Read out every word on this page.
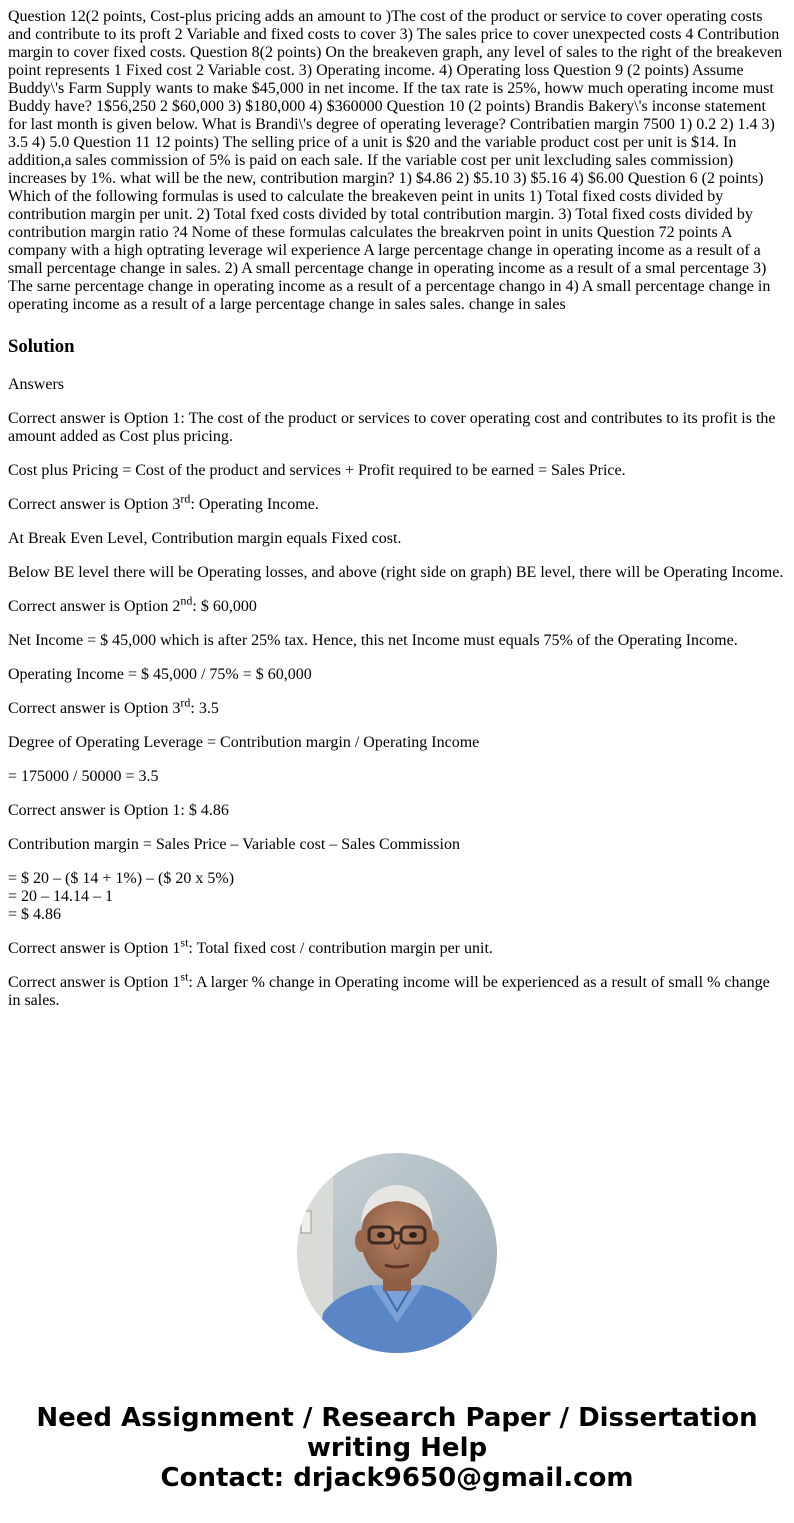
Question 12(2 points, Cost-plus pricing adds an amount to )The cost of the product or service to cover operating costs and contribute to its proft 2 Variable and fixed costs to cover 3) The sales price to cover unexpected costs 4 Contribution margin to cover fixed costs. Question 8(2 points) On the breakeven graph, any level of sales to the right of the breakeven point represents 1 Fixed cost 2 Variable cost. 3) Operating income. 4) Operating loss Question 9 (2 points) Assume Buddy\'s Farm Supply wants to make $45,000 in net income. If the tax rate is 25%, howw much operating income must Buddy have? 1$56,250 2 $60,000 3) $180,000 4) $360000 Question 10 (2 points) Brandis Bakery\'s inconse statement for last month is given below. What is Brandi\'s degree of operating leverage? Contribatien margin 7500 1) 0.2 2) 1.4 3) 3.5 4) 5.0 Question 11 12 points) The selling price of a unit is $20 and the variable product cost per unit is $14. In addition,a sales commission of 5% is paid on each sale. If the variable cost per unit lexcluding sales commission) increases by 1%. what will be the new, contribution margin? 1) $4.86 2) $5.10 3) $5.16 4) $6.00 Question 6 (2 points) Which of the following formulas is used to calculate the breakeven peint in units 1) Total fixed costs divided by contribution margin per unit. 2) Total fxed costs divided by total contribution margin. 3) Total fixed costs divided by contribution margin ratio ?4 Nome of these formulas calculates the breakrven point in units Question 72 points A company with a high optrating leverage wil experience A large percentage change in operating income as a result of a small percentage change in sales. 2) A small percentage change in operating income as a result of a smal percentage 3) The sarne percentage change in operating income as a result of a percentage chango in 4) A small percentage change in operating income as a result of a large percentage change in sales sales. change in sales
Solution

Answers

Correct answer is Option 1: The cost of the product or services to cover operating cost and contributes to its profit is the amount added as Cost plus pricing.

Cost plus Pricing = Cost of the product and services + Profit required to be earned = Sales Price.

Correct answer is Option 3rd: Operating Income.

At Break Even Level, Contribution margin equals Fixed cost.

Below BE level there will be Operating losses, and above (right side on graph) BE level, there will be Operating Income.

Correct answer is Option 2nd: $ 60,000

Net Income = $ 45,000 which is after 25% tax. Hence, this net Income must equals 75% of the Operating Income.

Operating Income = $ 45,000 / 75% = $ 60,000

Correct answer is Option 3rd: 3.5

Degree of Operating Leverage = Contribution margin / Operating Income

= 175000 / 50000 = 3.5

Correct answer is Option 1: $ 4.86

Contribution margin = Sales Price – Variable cost – Sales Commission

= $ 20 – ($ 14 + 1%) – ($ 20 x 5%)
= 20 – 14.14 – 1
= $ 4.86

Correct answer is Option 1st: Total fixed cost / contribution margin per unit.

Correct answer is Option 1st: A larger % change in Operating income will be experienced as a result of small % change in sales.

Need Assignment / Research Paper / Dissertation
writing Help
Contact: drjack9650@gmail.com
